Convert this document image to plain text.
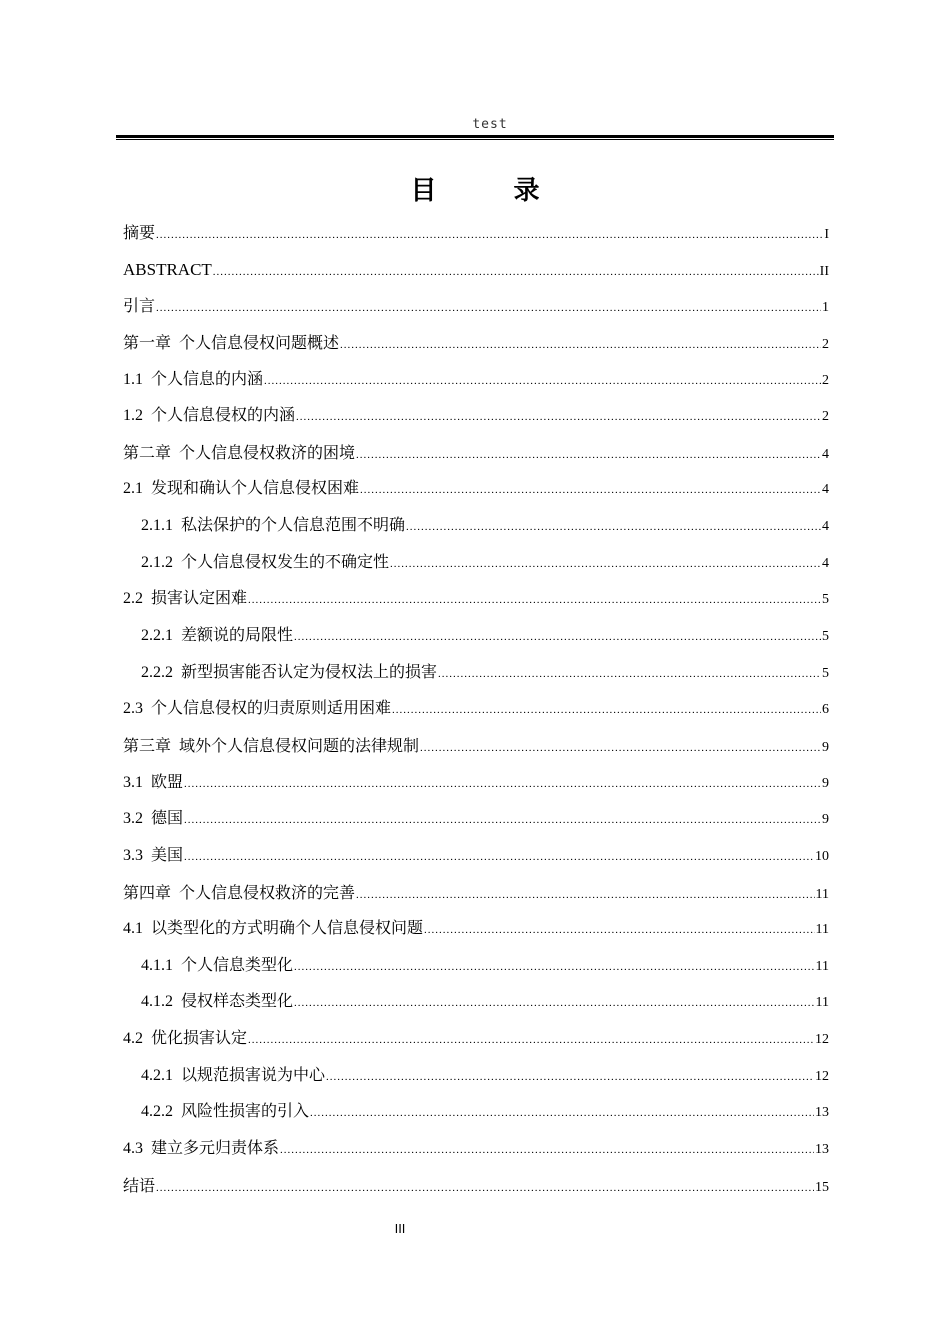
test
目 录
摘要 .....	I
ABSTRACT .....	II
引言 .....	1
第一章 个人信息侵权问题概述 .....	2
1.1 个人信息的内涵 .....	2
1.2 个人信息侵权的内涵 .....	2
第二章 个人信息侵权救济的困境 .....	4
2.1 发现和确认个人信息侵权困难 .....	4
2.1.1 私法保护的个人信息范围不明确 .....	4
2.1.2 个人信息侵权发生的不确定性 .....	4
2.2 损害认定困难 .....	5
2.2.1 差额说的局限性 .....	5
2.2.2 新型损害能否认定为侵权法上的损害 .....	5
2.3 个人信息侵权的归责原则适用困难 .....	6
第三章 域外个人信息侵权问题的法律规制 .....	9
3.1 欧盟 .....	9
3.2 德国 .....	9
3.3 美国 .....	10
第四章 个人信息侵权救济的完善 .....	11
4.1 以类型化的方式明确个人信息侵权问题 .....	11
4.1.1 个人信息类型化 .....	11
4.1.2 侵权样态类型化 .....	11
4.2 优化损害认定 .....	12
4.2.1 以规范损害说为中心 .....	12
4.2.2 风险性损害的引入 .....	13
4.3 建立多元归责体系 .....	13
结语 .....	15
III
